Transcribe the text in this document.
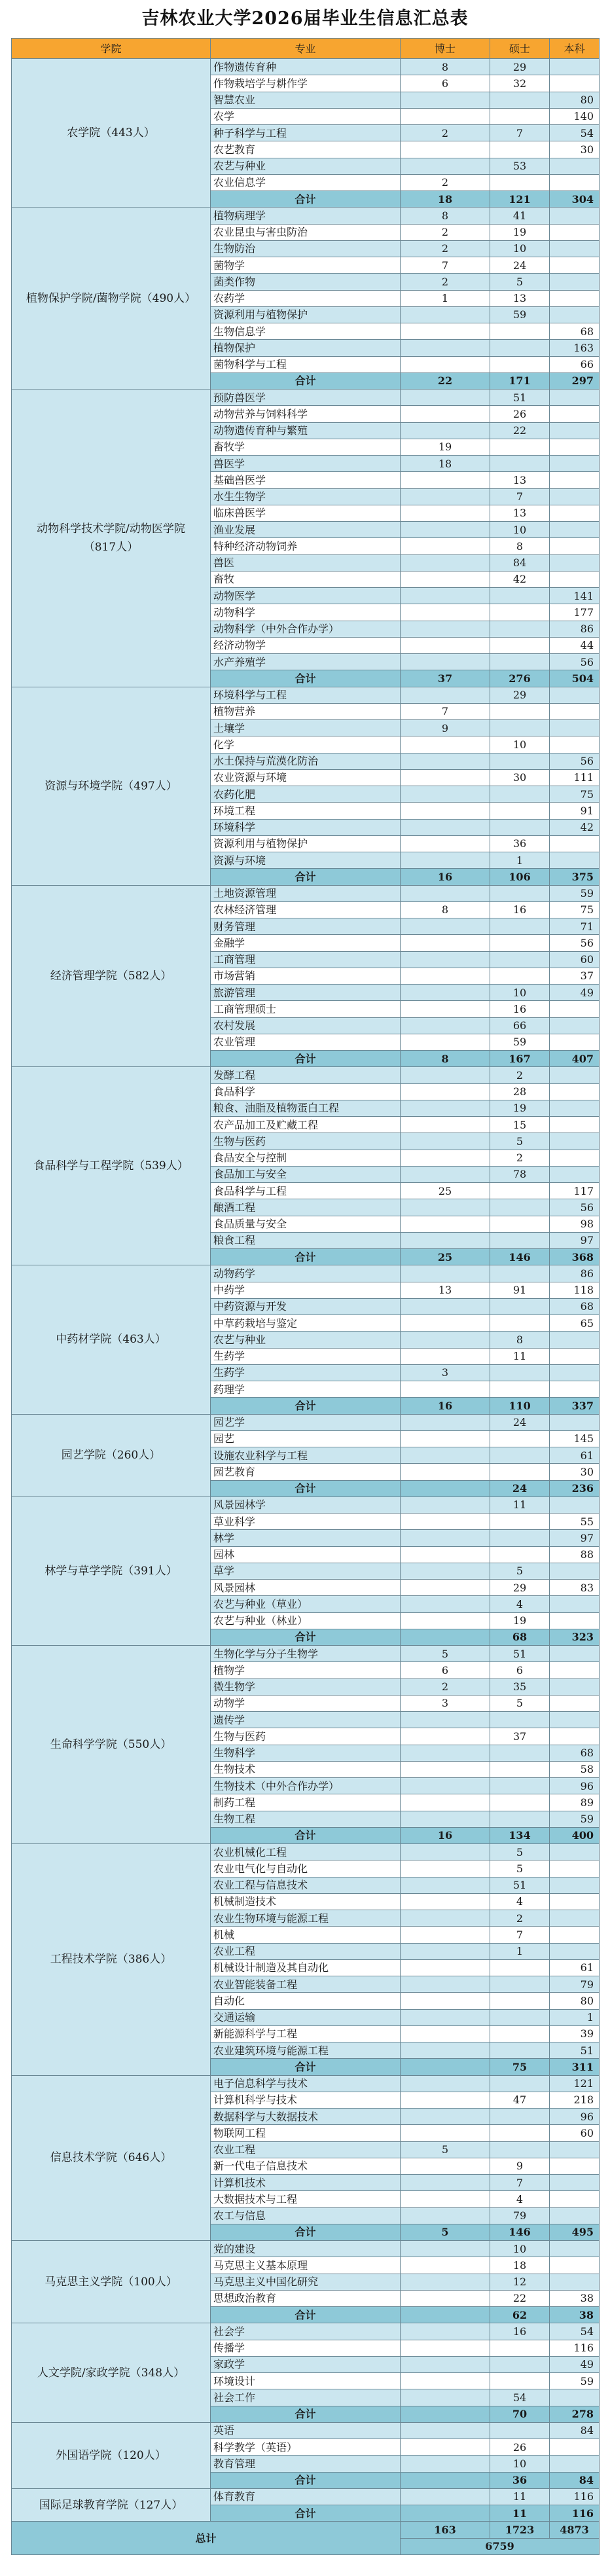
吉林农业大学2026届毕业生信息汇总表
学院	专业	博士	硕士	本科
农学院（443人）	作物遗传育种	8	29	
	作物栽培学与耕作学	6	32	
	智慧农业			80
	农学			140
	种子科学与工程	2	7	54
	农艺教育			30
	农艺与种业		53	
	农业信息学	2		
	合计	18	121	304
植物保护学院/菌物学院（490人）	植物病理学	8	41	
	农业昆虫与害虫防治	2	19	
	生物防治	2	10	
	菌物学	7	24	
	菌类作物	2	5	
	农药学	1	13	
	资源利用与植物保护		59	
	生物信息学			68
	植物保护			163
	菌物科学与工程			66
	合计	22	171	297
动物科学技术学院/动物医学院（817人）	预防兽医学		51	
	动物营养与饲料科学		26	
	动物遗传育种与繁殖		22	
	畜牧学	19		
	兽医学	18		
	基础兽医学		13	
	水生生物学		7	
	临床兽医学		13	
	渔业发展		10	
	特种经济动物饲养		8	
	兽医		84	
	畜牧		42	
	动物医学			141
	动物科学			177
	动物科学（中外合作办学）			86
	经济动物学			44
	水产养殖学			56
	合计	37	276	504
资源与环境学院（497人）	环境科学与工程		29	
	植物营养	7		
	土壤学	9		
	化学		10	
	水土保持与荒漠化防治			56
	农业资源与环境		30	111
	农药化肥			75
	环境工程			91
	环境科学			42
	资源利用与植物保护		36	
	资源与环境		1	
	合计	16	106	375
经济管理学院（582人）	土地资源管理			59
	农林经济管理	8	16	75
	财务管理			71
	金融学			56
	工商管理			60
	市场营销			37
	旅游管理		10	49
	工商管理硕士		16	
	农村发展		66	
	农业管理		59	
	合计	8	167	407
食品科学与工程学院（539人）	发酵工程		2	
	食品科学		28	
	粮食、油脂及植物蛋白工程		19	
	农产品加工及贮藏工程		15	
	生物与医药		5	
	食品安全与控制		2	
	食品加工与安全		78	
	食品科学与工程	25		117
	酿酒工程			56
	食品质量与安全			98
	粮食工程			97
	合计	25	146	368
中药材学院（463人）	动物药学			86
	中药学	13	91	118
	中药资源与开发			68
	中草药栽培与鉴定			65
	农艺与种业		8	
	生药学		11	
	生药学	3		
	药理学			
	合计	16	110	337
园艺学院（260人）	园艺学		24	
	园艺			145
	设施农业科学与工程			61
	园艺教育			30
	合计		24	236
林学与草学学院（391人）	风景园林学		11	
	草业科学			55
	林学			97
	园林			88
	草学		5	
	风景园林		29	83
	农艺与种业（草业）		4	
	农艺与种业（林业）		19	
	合计		68	323
生命科学学院（550人）	生物化学与分子生物学	5	51	
	植物学	6	6	
	微生物学	2	35	
	动物学	3	5	
	遗传学			
	生物与医药		37	
	生物科学			68
	生物技术			58
	生物技术（中外合作办学）			96
	制药工程			89
	生物工程			59
	合计	16	134	400
工程技术学院（386人）	农业机械化工程		5	
	农业电气化与自动化		5	
	农业工程与信息技术		51	
	机械制造技术		4	
	农业生物环境与能源工程		2	
	机械		7	
	农业工程		1	
	机械设计制造及其自动化			61
	农业智能装备工程			79
	自动化			80
	交通运输			1
	新能源科学与工程			39
	农业建筑环境与能源工程			51
	合计		75	311
信息技术学院（646人）	电子信息科学与技术			121
	计算机科学与技术		47	218
	数据科学与大数据技术			96
	物联网工程			60
	农业工程	5		
	新一代电子信息技术		9	
	计算机技术		7	
	大数据技术与工程		4	
	农工与信息		79	
	合计	5	146	495
马克思主义学院（100人）	党的建设		10	
	马克思主义基本原理		18	
	马克思主义中国化研究		12	
	思想政治教育		22	38
	合计		62	38
人文学院/家政学院（348人）	社会学		16	54
	传播学			116
	家政学			49
	环境设计			59
	社会工作		54	
	合计		70	278
外国语学院（120人）	英语			84
	科学教学（英语）		26	
	教育管理		10	
	合计		36	84
国际足球教育学院（127人）	体育教育		11	116
	合计		11	116
总计		163	1723	4873
		6759		
